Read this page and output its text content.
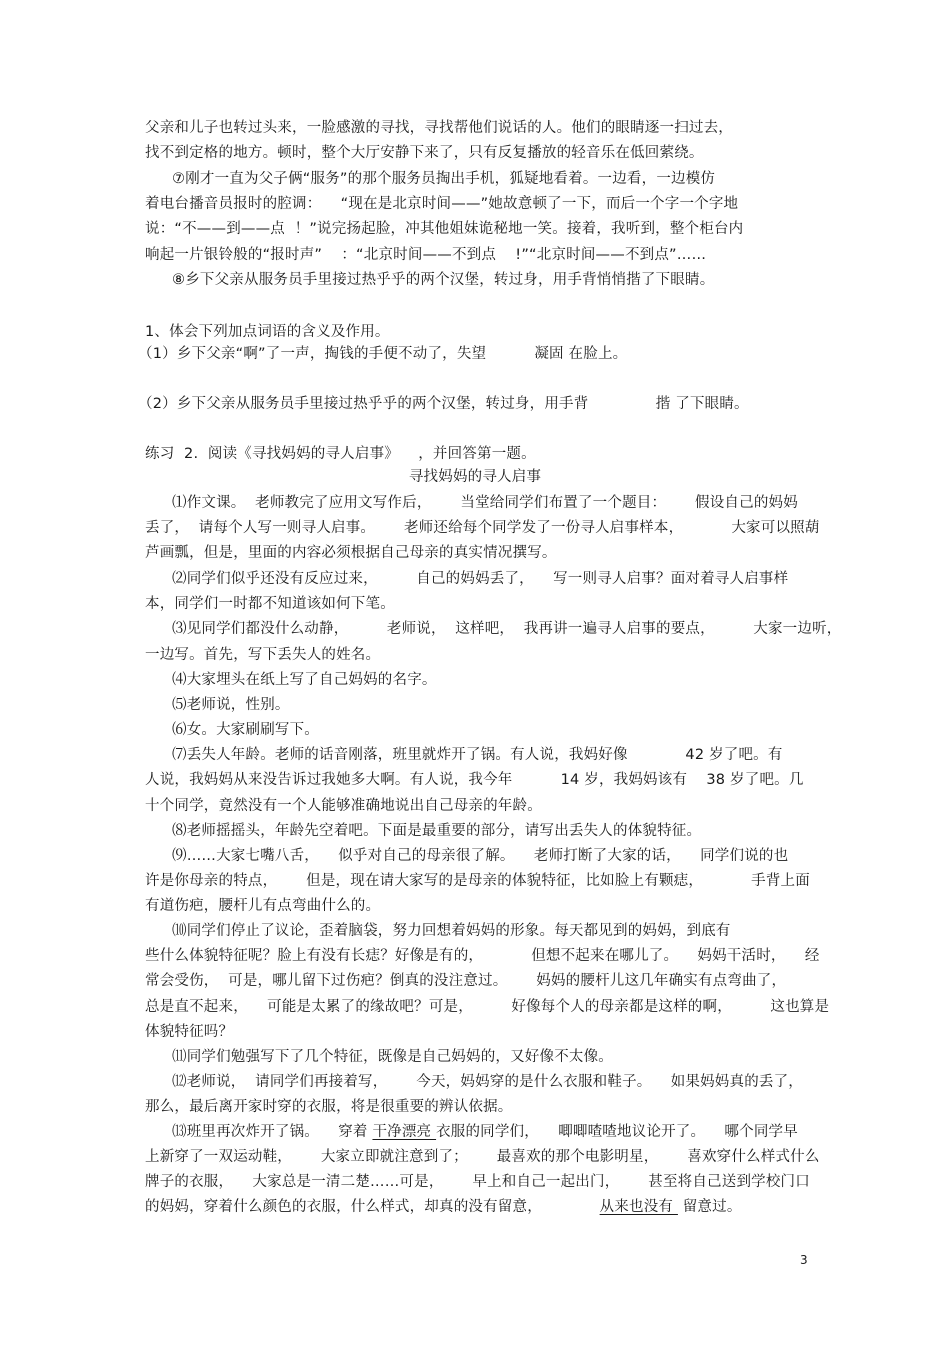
父亲和儿子也转过头来，一脸感激的寻找，寻找帮他们说话的人。他们的眼睛逐一扫过去，
找不到定格的地方。顿时，整个大厅安静下来了，只有反复播放的轻音乐在低回萦绕。
⑦刚才一直为父子俩“服务”的那个服务员掏出手机，狐疑地看着。一边看，一边模仿
着电台播音员报时的腔调：    “现在是北京时间——”她故意顿了一下，而后一个字一个字地
说：“不——到——点  ！”说完扬起脸，冲其他姐妹诡秘地一笑。接着，我听到，整个柜台内
响起一片银铃般的“报时声”    ：“北京时间——不到点    !”“北京时间——不到点”……
⑧乡下父亲从服务员手里接过热乎乎的两个汉堡，转过身，用手背悄悄揩了下眼睛。
1、体会下列加点词语的含义及作用。
（1）乡下父亲“啊”了一声，掏钱的手便不动了，失望          凝固 在脸上。
（2）乡下父亲从服务员手里接过热乎乎的两个汉堡，转过身，用手背              揩 了下眼睛。
练习  2.  阅读《寻找妈妈的寻人启事》    ，并回答第一题。
寻找妈妈的寻人启事
⑴作文课。  老师教完了应用文写作后，      当堂给同学们布置了一个题目：      假设自己的妈妈
丢了，  请每个人写一则寻人启事。      老师还给每个同学发了一份寻人启事样本，          大家可以照葫
芦画瓢，但是，里面的内容必须根据自己母亲的真实情况撰写。
⑵同学们似乎还没有反应过来，        自己的妈妈丢了，    写一则寻人启事？面对着寻人启事样
本，同学们一时都不知道该如何下笔。
⑶见同学们都没什么动静，        老师说，  这样吧，  我再讲一遍寻人启事的要点，        大家一边听，
一边写。首先，写下丢失人的姓名。
⑷大家埋头在纸上写了自己妈妈的名字。
⑸老师说，性别。
⑹女。大家刷刷写下。
⑺丢失人年龄。老师的话音刚落，班里就炸开了锅。有人说，我妈好像            42 岁了吧。有
人说，我妈妈从来没告诉过我她多大啊。有人说，我今年          14 岁，我妈妈该有    38 岁了吧。几
十个同学，竟然没有一个人能够准确地说出自己母亲的年龄。
⑻老师摇摇头，年龄先空着吧。下面是最重要的部分，请写出丢失人的体貌特征。
⑼……大家七嘴八舌，    似乎对自己的母亲很了解。    老师打断了大家的话，    同学们说的也
许是你母亲的特点，      但是，现在请大家写的是母亲的体貌特征，比如脸上有颗痣，          手背上面
有道伤疤，腰杆儿有点弯曲什么的。
⑽同学们停止了议论，歪着脑袋，努力回想着妈妈的形象。每天都见到的妈妈，到底有
些什么体貌特征呢？脸上有没有长痣？好像是有的，          但想不起来在哪儿了。    妈妈干活时，    经
常会受伤，  可是，哪儿留下过伤疤？倒真的没注意过。      妈妈的腰杆儿这几年确实有点弯曲了，
总是直不起来，    可能是太累了的缘故吧？可是，        好像每个人的母亲都是这样的啊，        这也算是
体貌特征吗？
⑾同学们勉强写下了几个特征，既像是自己妈妈的，又好像不太像。
⑿老师说，  请同学们再接着写，      今天，妈妈穿的是什么衣服和鞋子。    如果妈妈真的丢了，
那么，最后离开家时穿的衣服，将是很重要的辨认依据。
⒀班里再次炸开了锅。    穿着 干净漂亮 衣服的同学们，    唧唧喳喳地议论开了。    哪个同学早
上新穿了一双运动鞋，      大家立即就注意到了；      最喜欢的那个电影明星，      喜欢穿什么样式什么
牌子的衣服，    大家总是一清二楚……可是，      早上和自己一起出门，      甚至将自己送到学校门口
的妈妈，穿着什么颜色的衣服，什么样式，却真的没有留意，            从来也没有  留意过。
3
